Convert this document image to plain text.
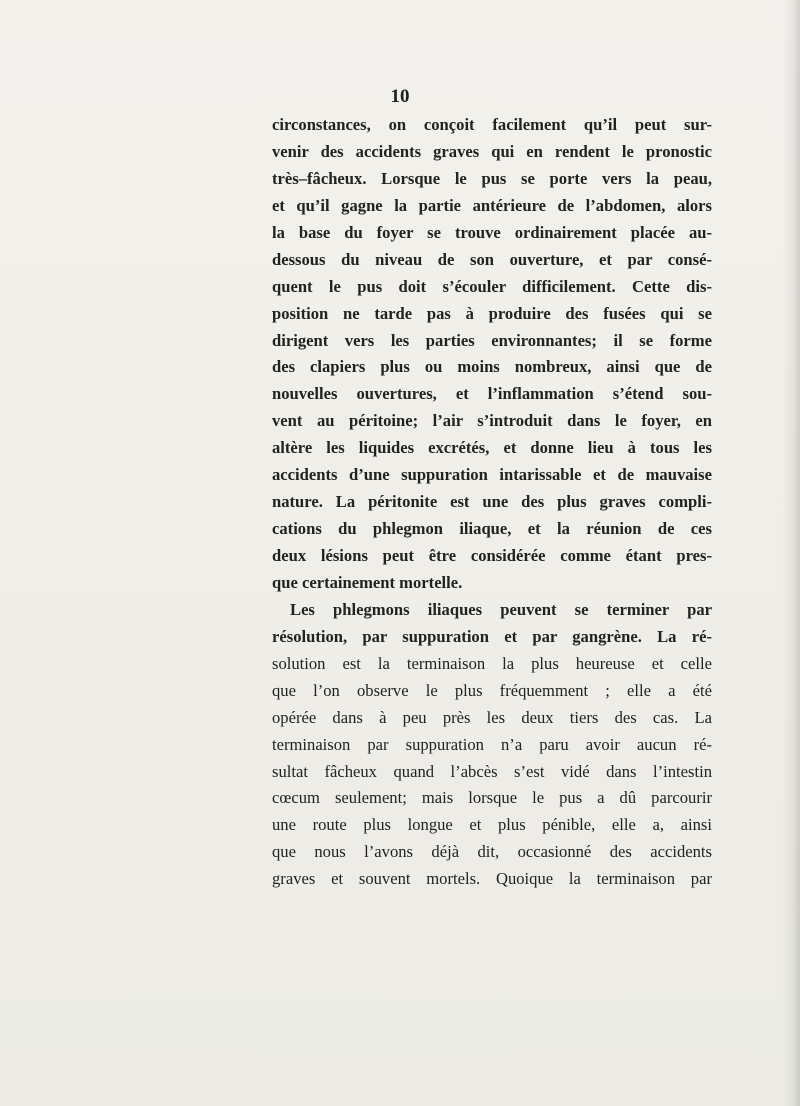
10

circonstances, on conçoit facilement qu’il peut sur-

venir des accidents graves qui en rendent le pronostic

très–fâcheux. Lorsque le pus se porte vers la peau,

et qu’il gagne la partie antérieure de l’abdomen, alors

la base du foyer se trouve ordinairement placée au-

dessous du niveau de son ouverture, et par consé-

quent le pus doit s’écouler difficilement. Cette dis-

position ne tarde pas à produire des fusées qui se

dirigent vers les parties environnantes; il se forme

des clapiers plus ou moins nombreux, ainsi que de

nouvelles ouvertures, et l’inflammation s’étend sou-

vent au péritoine; l’air s’introduit dans le foyer, en

altère les liquides excrétés, et donne lieu à tous les

accidents d’une suppuration intarissable et de mauvaise

nature. La péritonite est une des plus graves compli-

cations du phlegmon iliaque, et la réunion de ces

deux lésions peut être considérée comme étant pres-

que certainement mortelle.

Les phlegmons iliaques peuvent se terminer par

résolution, par suppuration et par gangrène. La ré-

solution est la terminaison la plus heureuse et celle

que l’on observe le plus fréquemment ; elle a été

opérée dans à peu près les deux tiers des cas. La

terminaison par suppuration n’a paru avoir aucun ré-

sultat fâcheux quand l’abcès s’est vidé dans l’intestin

cœcum seulement; mais lorsque le pus a dû parcourir

une route plus longue et plus pénible, elle a, ainsi

que nous l’avons déjà dit, occasionné des accidents

graves et souvent mortels. Quoique la terminaison par
